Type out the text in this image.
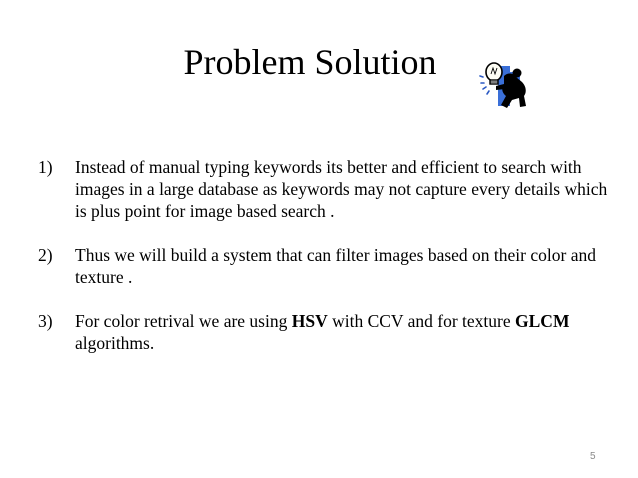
Problem Solution
1) Instead of manual typing keywords its better and efficient to search with images in a large database as keywords may not capture every details which is plus point for image based search .
2) Thus we will build a system that can filter images based on their color and texture .
3) For color retrival we are using HSV with CCV and for texture GLCM algorithms.
5
